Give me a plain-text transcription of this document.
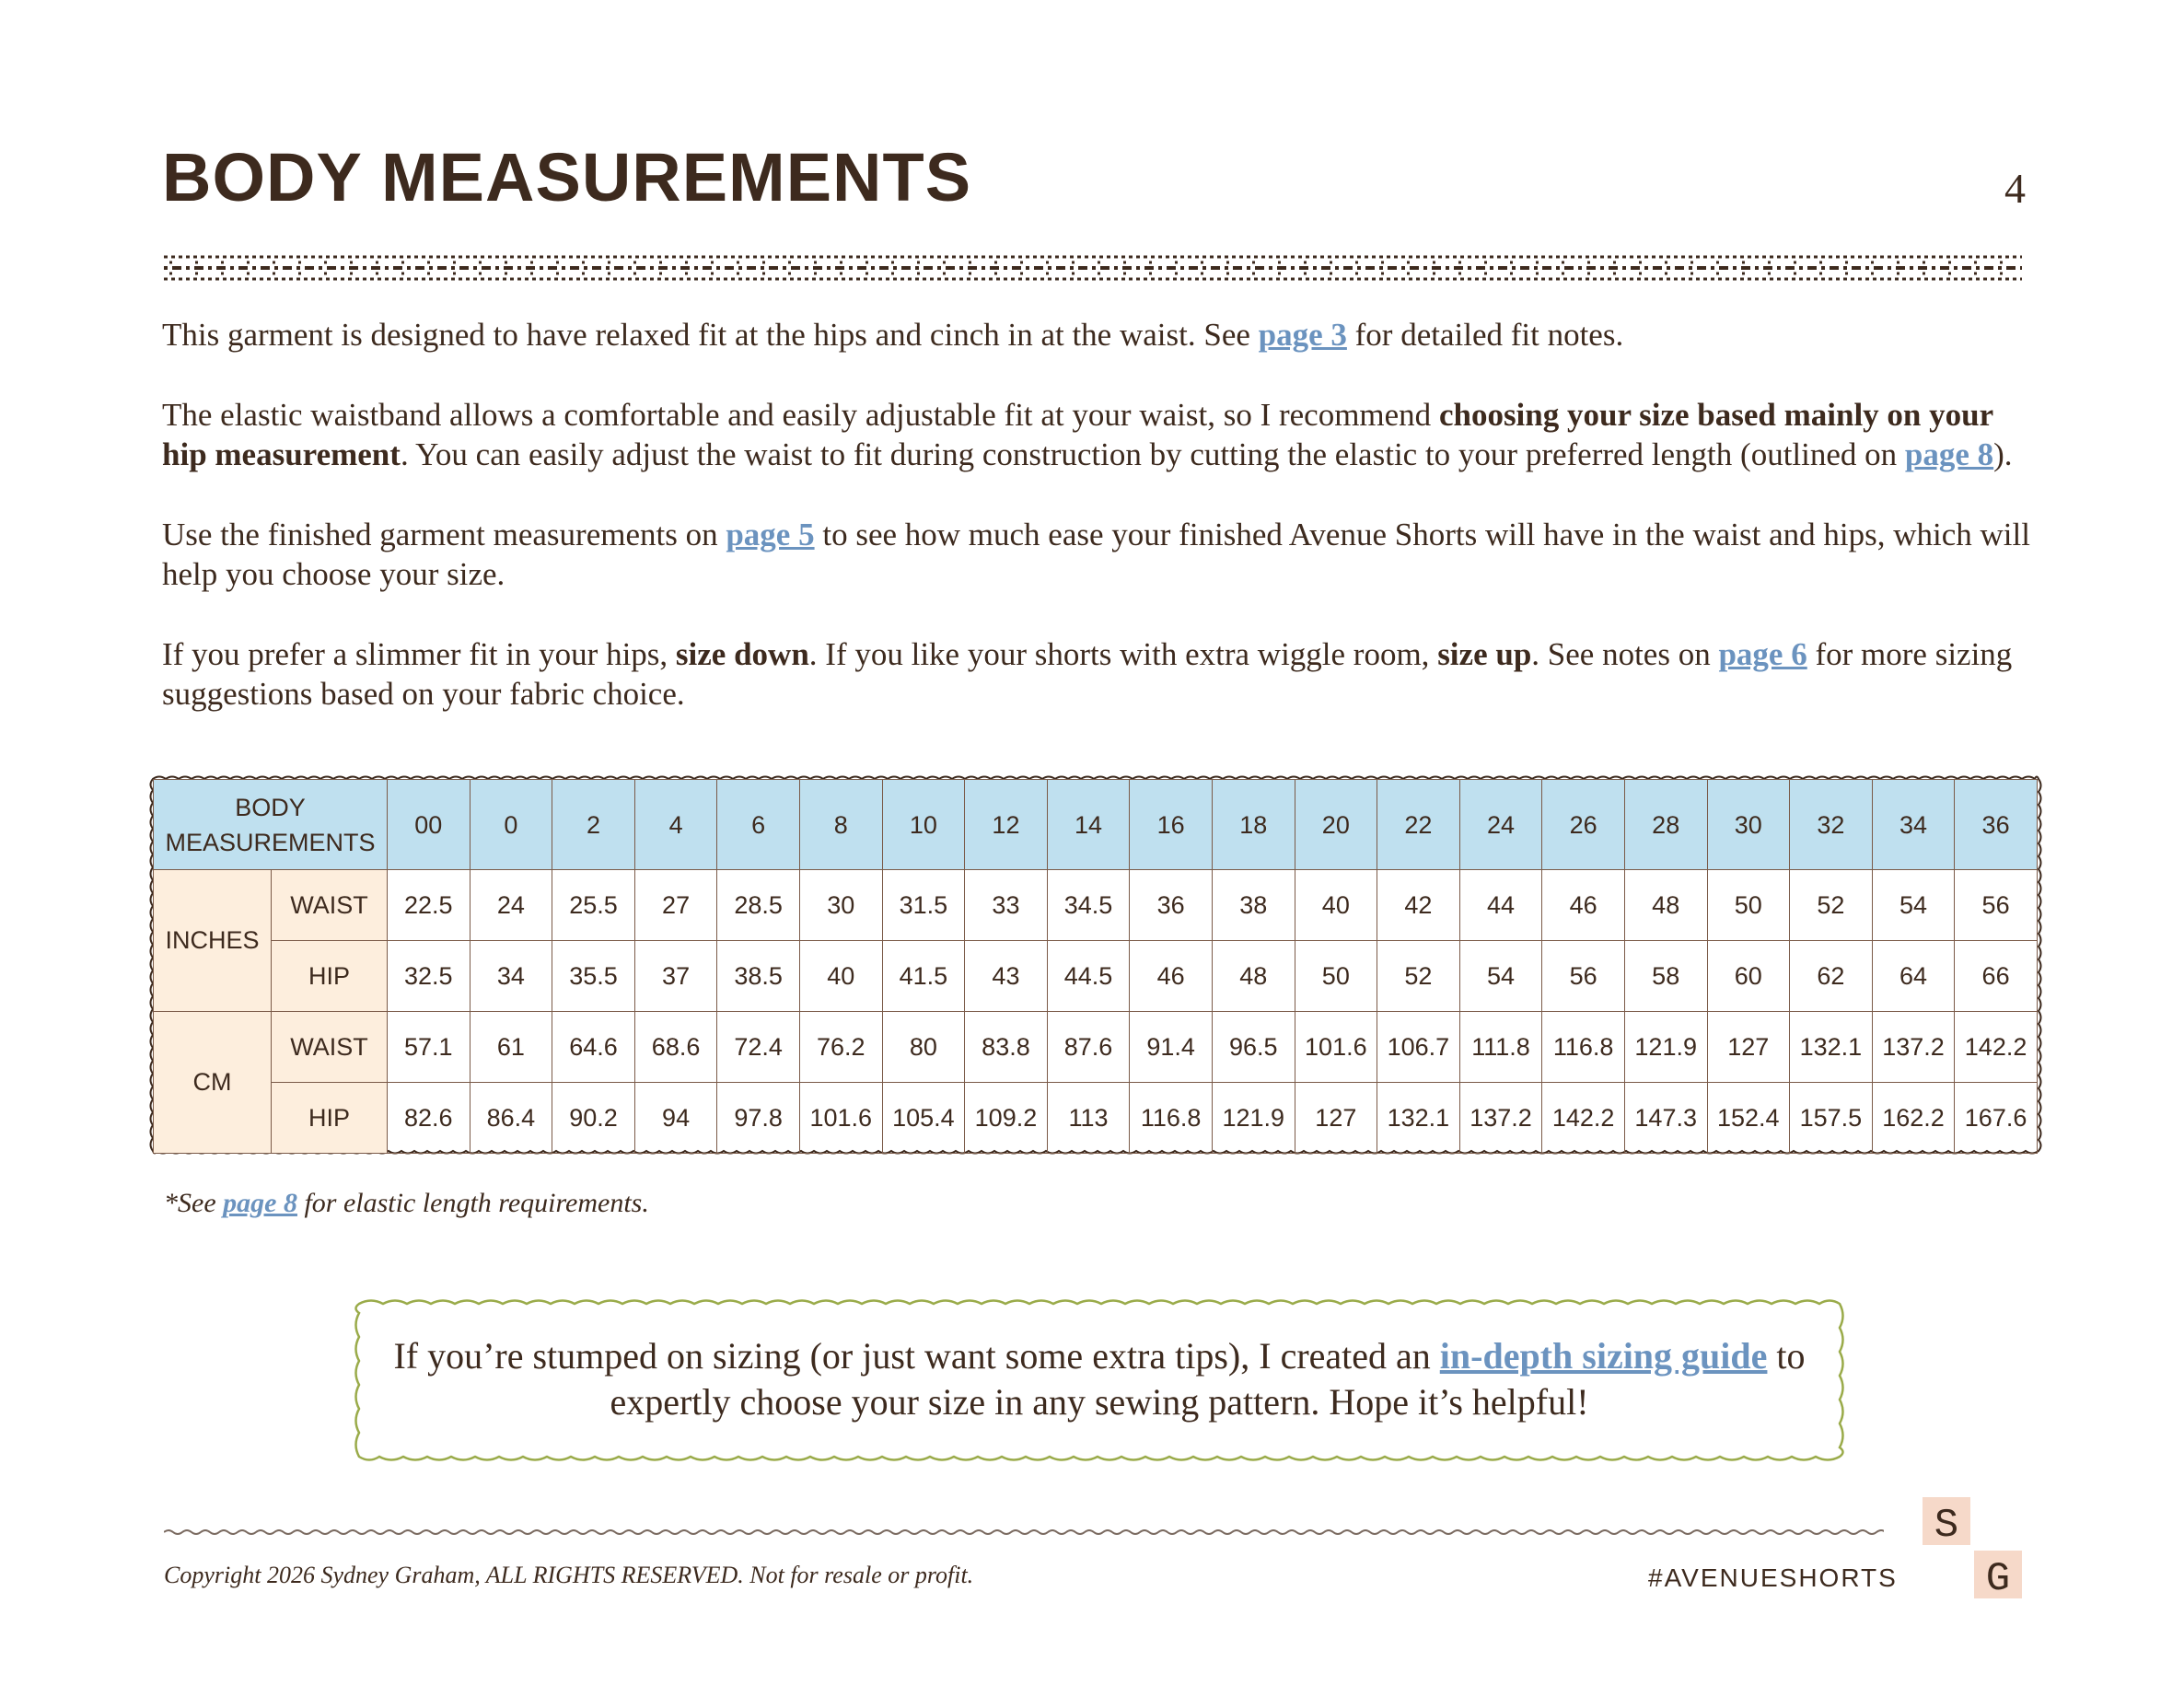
BODY MEASUREMENTS	4

This garment is designed to have relaxed fit at the hips and cinch in at the waist. See page 3 for detailed fit notes.

The elastic waistband allows a comfortable and easily adjustable fit at your waist, so I recommend choosing your size based mainly on your hip measurement. You can easily adjust the waist to fit during construction by cutting the elastic to your preferred length (outlined on page 8).

Use the finished garment measurements on page 5 to see how much ease your finished Avenue Shorts will have in the waist and hips, which will help you choose your size.

If you prefer a slimmer fit in your hips, size down. If you like your shorts with extra wiggle room, size up. See notes on page 6 for more sizing suggestions based on your fabric choice.

BODY
MEASUREMENTS		00	0	2	4	6	8	10	12	14	16	18	20	22	24	26	28	30	32	34	36
INCHES	WAIST	22.5	24	25.5	27	28.5	30	31.5	33	34.5	36	38	40	42	44	46	48	50	52	54	56
	HIP	32.5	34	35.5	37	38.5	40	41.5	43	44.5	46	48	50	52	54	56	58	60	62	64	66
CM	WAIST	57.1	61	64.6	68.6	72.4	76.2	80	83.8	87.6	91.4	96.5	101.6	106.7	111.8	116.8	121.9	127	132.1	137.2	142.2
	HIP	82.6	86.4	90.2	94	97.8	101.6	105.4	109.2	113	116.8	121.9	127	132.1	137.2	142.2	147.3	152.4	157.5	162.2	167.6
*See page 8 for elastic length requirements.
If you’re stumped on sizing (or just want some extra tips), I created an in-depth sizing guide to expertly choose your size in any sewing pattern. Hope it’s helpful!
Copyright 2026 Sydney Graham, ALL RIGHTS RESERVED. Not for resale or profit.	#AVENUESHORTS
S
G
